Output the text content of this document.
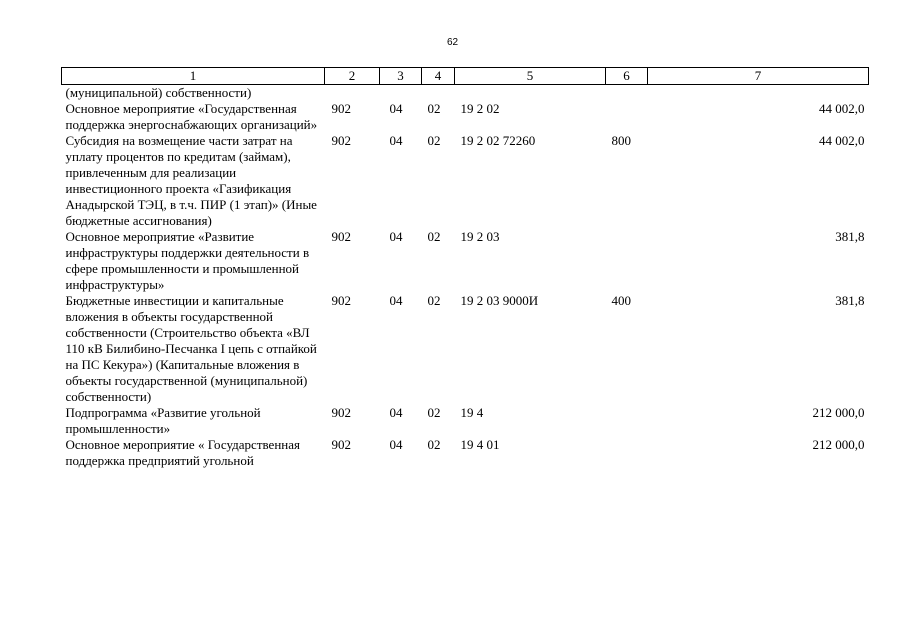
62
1	2	3	4	5	6	7
(муниципальной) собственности)						
Основное мероприятие «Государственная поддержка энергоснабжающих организаций»	902	04	02	19 2 02		44 002,0
Субсидия на возмещение части затрат на уплату процентов по кредитам (займам), привлеченным для реализации инвестиционного проекта «Газификация Анадырской ТЭЦ, в т.ч. ПИР (1 этап)» (Иные бюджетные ассигнования)	902	04	02	19 2 02 72260	800	44 002,0
Основное мероприятие «Развитие инфраструктуры поддержки деятельности в сфере промышленности и промышленной инфраструктуры»	902	04	02	19 2 03		381,8
Бюджетные инвестиции и капитальные вложения в объекты государственной собственности (Строительство объекта «ВЛ 110 кВ Билибино-Песчанка I цепь с отпайкой на ПС Кекура») (Капитальные вложения в объекты государственной (муниципальной) собственности)	902	04	02	19 2 03 9000И	400	381,8
Подпрограмма «Развитие угольной промышленности»	902	04	02	19 4		212 000,0
Основное мероприятие « Государственная поддержка предприятий угольной	902	04	02	19 4 01		212 000,0
